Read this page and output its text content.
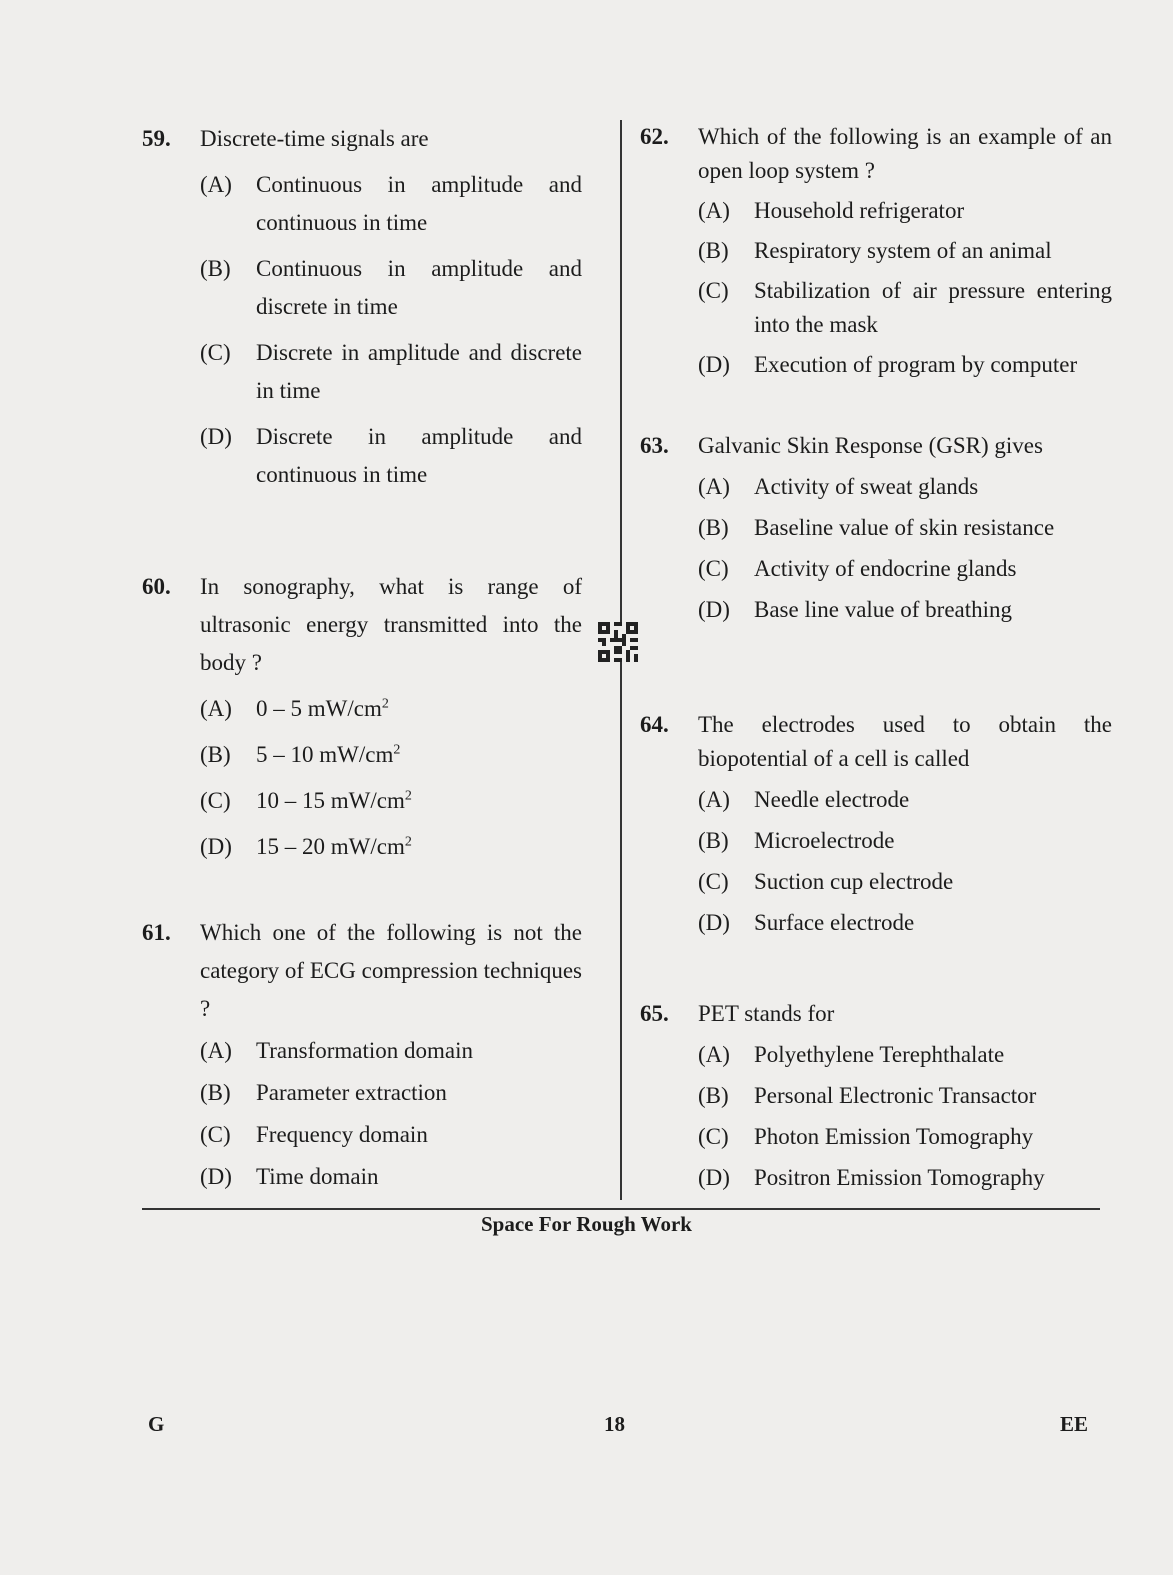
59.	Discrete-time signals are
(A)	Continuous in amplitude and continuous in time
(B)	Continuous in amplitude and discrete in time
(C)	Discrete in amplitude and discrete in time
(D)	Discrete in amplitude and continuous in time
60.	In sonography, what is range of ultrasonic energy transmitted into the body ?
(A)	0 – 5 $mW/cm^2$
(B)	5 – 10 $mW/cm^2$
(C)	10 – 15 $mW/cm^2$
(D)	15 – 20 $mW/cm^2$
61.	Which one of the following is not the category of ECG compression techniques ?
(A)	Transformation domain
(B)	Parameter extraction
(C)	Frequency domain
(D)	Time domain
62.	Which of the following is an example of an open loop system ?
(A)	Household refrigerator
(B)	Respiratory system of an animal
(C)	Stabilization of air pressure entering into the mask
(D)	Execution of program by computer
63.	Galvanic Skin Response (GSR) gives
(A)	Activity of sweat glands
(B)	Baseline value of skin resistance
(C)	Activity of endocrine glands
(D)	Base line value of breathing
64.	The electrodes used to obtain the biopotential of a cell is called
(A)	Needle electrode
(B)	Microelectrode
(C)	Suction cup electrode
(D)	Surface electrode
65.	PET stands for
(A)	Polyethylene Terephthalate
(B)	Personal Electronic Transactor
(C)	Photon Emission Tomography
(D)	Positron Emission Tomography
Space For Rough Work
G	18	EE
